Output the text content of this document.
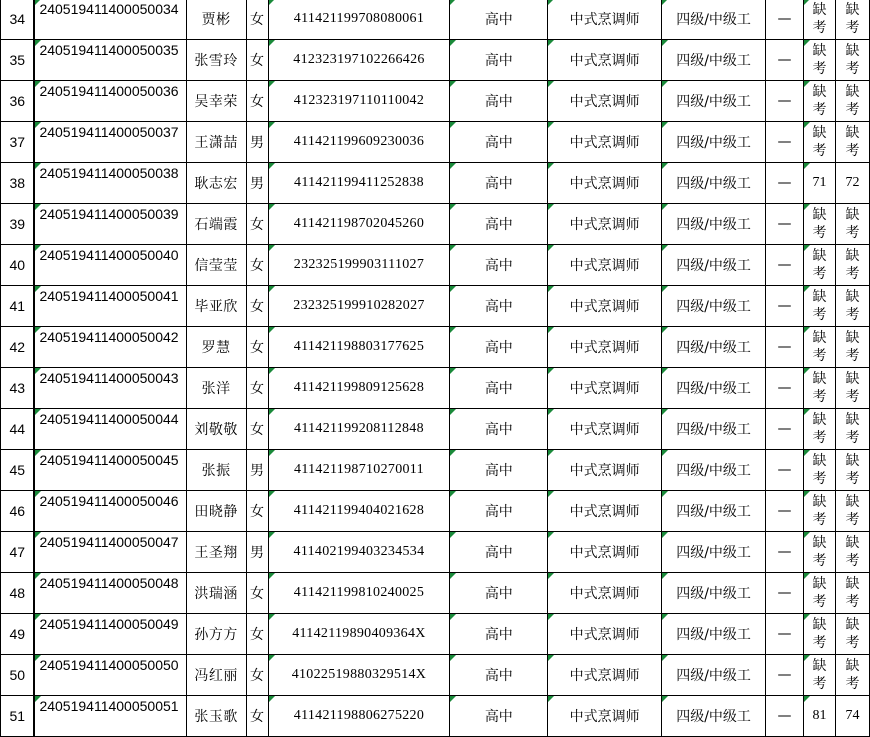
34	240519411400050034	贾彬	女	411421199708080061	高中	中式烹调师	四级/中级工	—	缺考	缺考
35	240519411400050035	张雪玲	女	412323197102266426	高中	中式烹调师	四级/中级工	—	缺考	缺考
36	240519411400050036	吴幸荣	女	412323197110110042	高中	中式烹调师	四级/中级工	—	缺考	缺考
37	240519411400050037	王潇喆	男	411421199609230036	高中	中式烹调师	四级/中级工	—	缺考	缺考
38	240519411400050038	耿志宏	男	411421199411252838	高中	中式烹调师	四级/中级工	—	71	72
39	240519411400050039	石端霞	女	411421198702045260	高中	中式烹调师	四级/中级工	—	缺考	缺考
40	240519411400050040	信莹莹	女	232325199903111027	高中	中式烹调师	四级/中级工	—	缺考	缺考
41	240519411400050041	毕亚欣	女	232325199910282027	高中	中式烹调师	四级/中级工	—	缺考	缺考
42	240519411400050042	罗慧	女	411421198803177625	高中	中式烹调师	四级/中级工	—	缺考	缺考
43	240519411400050043	张洋	女	411421199809125628	高中	中式烹调师	四级/中级工	—	缺考	缺考
44	240519411400050044	刘敬敬	女	411421199208112848	高中	中式烹调师	四级/中级工	—	缺考	缺考
45	240519411400050045	张振	男	411421198710270011	高中	中式烹调师	四级/中级工	—	缺考	缺考
46	240519411400050046	田晓静	女	411421199404021628	高中	中式烹调师	四级/中级工	—	缺考	缺考
47	240519411400050047	王圣翔	男	411402199403234534	高中	中式烹调师	四级/中级工	—	缺考	缺考
48	240519411400050048	洪瑞涵	女	411421199810240025	高中	中式烹调师	四级/中级工	—	缺考	缺考
49	240519411400050049	孙方方	女	41142119890409364X	高中	中式烹调师	四级/中级工	—	缺考	缺考
50	240519411400050050	冯红丽	女	41022519880329514X	高中	中式烹调师	四级/中级工	—	缺考	缺考
51	240519411400050051	张玉歌	女	411421198806275220	高中	中式烹调师	四级/中级工	—	81	74
